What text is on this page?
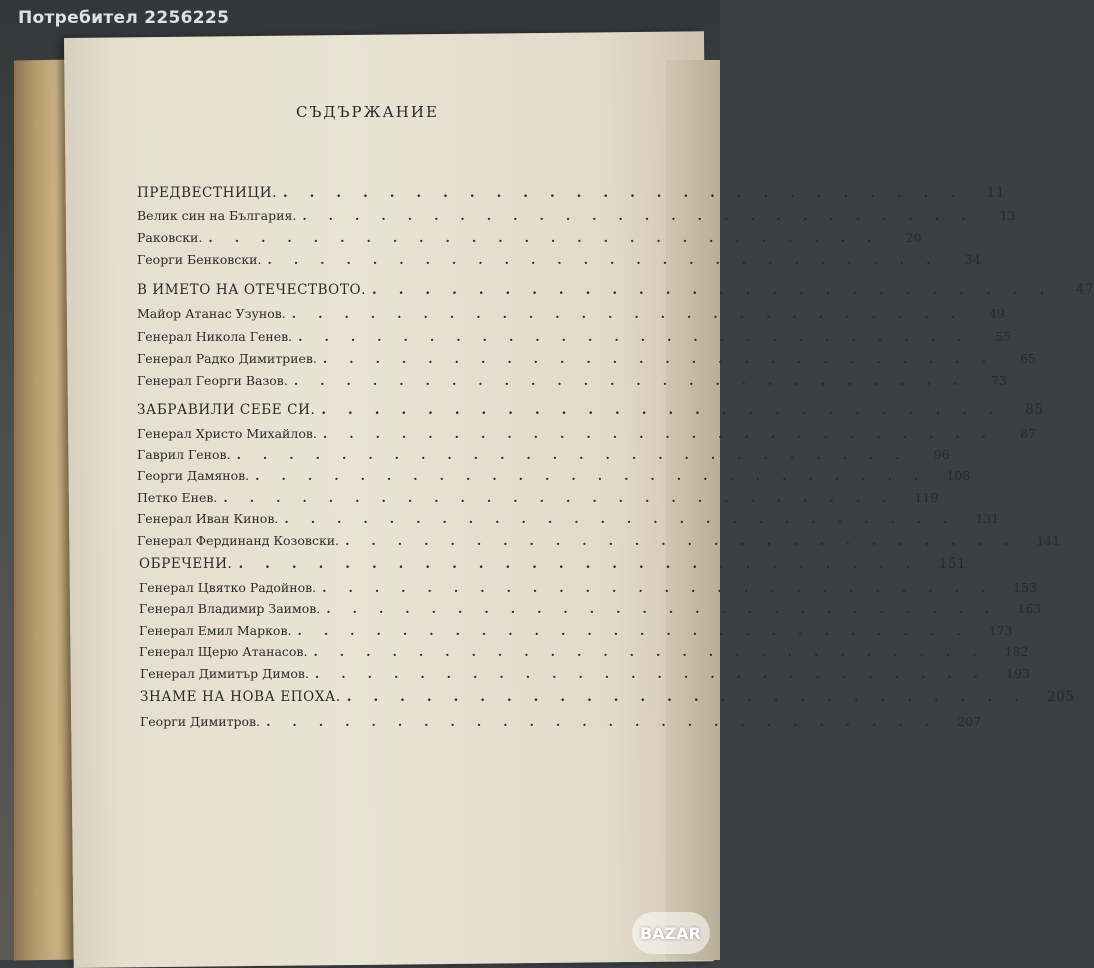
Потребител 2256225
СЪДЪРЖАНИЕ
ПРЕДВЕСТНИЦИ. .......................... 11
Велик син на България. .......................... 13
Раковски. .......................... 20
Георги Бенковски. .......................... 34
В ИМЕТО НА ОТЕЧЕСТВОТО. .......................... 47
Майор Атанас Узунов. .......................... 49
Генерал Никола Генев. .......................... 55
Генерал Радко Димитриев. .......................... 65
Генерал Георги Вазов. .......................... 73
ЗАБРАВИЛИ СЕБЕ СИ. .......................... 85
Генерал Христо Михайлов. .......................... 87
Гаврил Генов. .......................... 96
Георги Дамянов. .......................... 108
Петко Енев. .......................... 119
Генерал Иван Кинов. .......................... 131
Генерал Фердинанд Козовски. .......................... 141
ОБРЕЧЕНИ. .......................... 151
Генерал Цвятко Радойнов. .......................... 153
Генерал Владимир Заимов. .......................... 163
Генерал Емил Марков. .......................... 173
Генерал Щерю Атанасов. .......................... 182
Генерал Димитър Димов. .......................... 193
ЗНАМЕ НА НОВА ЕПОХА. .......................... 205
Георги Димитров. .......................... 207
BAZAR
